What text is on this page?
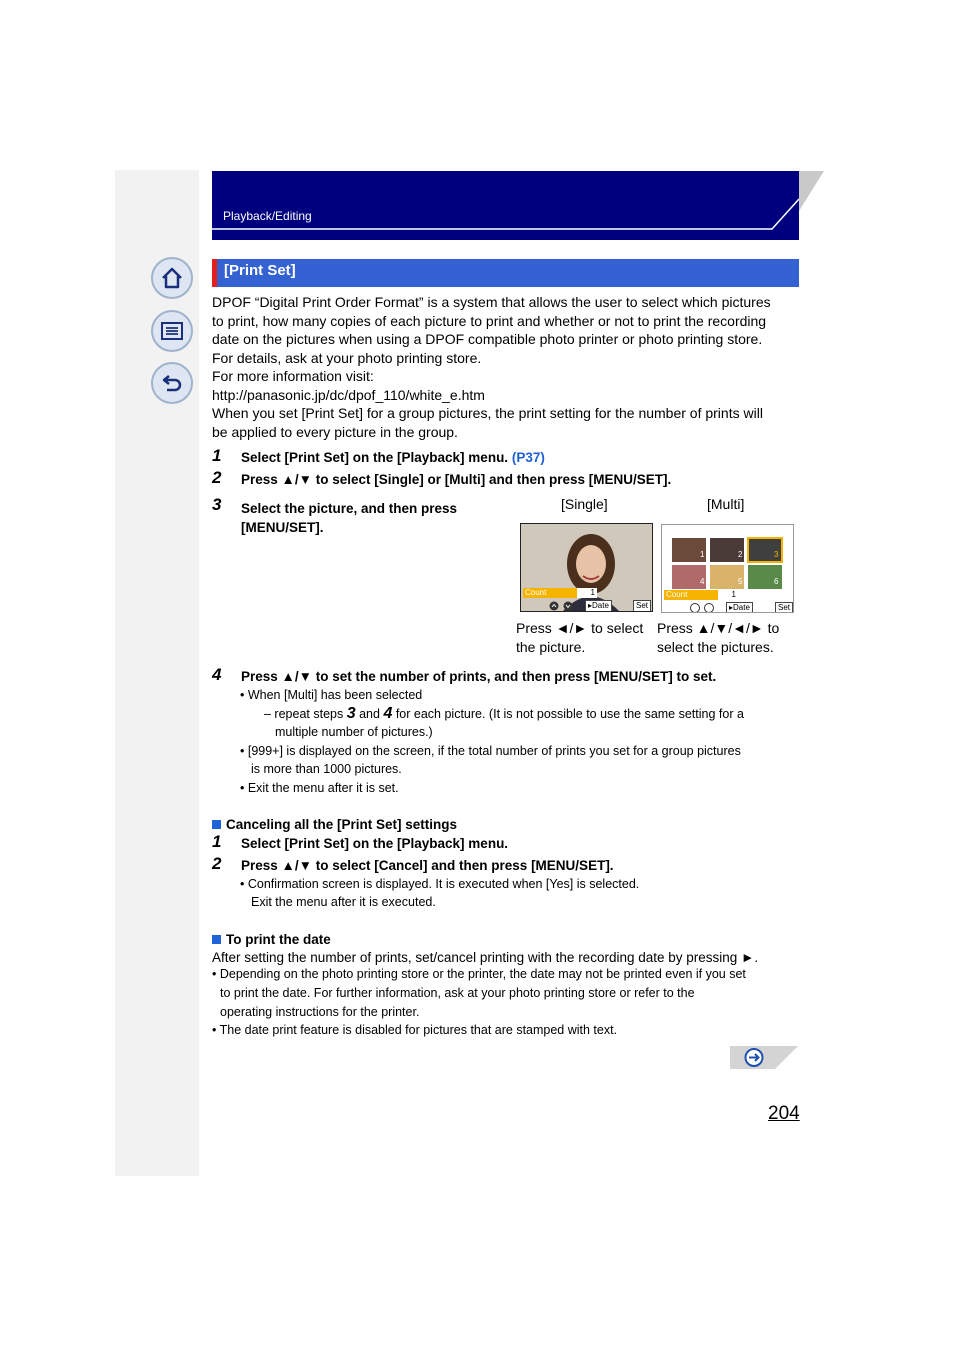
Playback/Editing
[Print Set]
DPOF “Digital Print Order Format” is a system that allows the user to select which pictures
to print, how many copies of each picture to print and whether or not to print the recording
date on the pictures when using a DPOF compatible photo printer or photo printing store.
For details, ask at your photo printing store.
For more information visit:
http://panasonic.jp/dc/dpof_110/white_e.htm
When you set [Print Set] for a group pictures, the print setting for the number of prints will
be applied to every picture in the group.
1 Select [Print Set] on the [Playback] menu. (P37)
2 Press ▲/▼ to select [Single] or [Multi] and then press [MENU/SET].
3 Select the picture, and then press
[MENU/SET].
[Single]	[Multi]
Count	1
▸Date	Set
1	2	3
4	5	6
Count	1
▸Date	Set
Press ◄/► to select
the picture.
Press ▲/▼/◄/► to
select the pictures.
4 Press ▲/▼ to set the number of prints, and then press [MENU/SET] to set.
• When [Multi] has been selected
– repeat steps 3 and 4 for each picture. (It is not possible to use the same setting for a
multiple number of pictures.)
• [999+] is displayed on the screen, if the total number of prints you set for a group pictures
is more than 1000 pictures.
• Exit the menu after it is set.
Canceling all the [Print Set] settings
1 Select [Print Set] on the [Playback] menu.
2 Press ▲/▼ to select [Cancel] and then press [MENU/SET].
• Confirmation screen is displayed. It is executed when [Yes] is selected.
Exit the menu after it is executed.
To print the date
After setting the number of prints, set/cancel printing with the recording date by pressing ►.
• Depending on the photo printing store or the printer, the date may not be printed even if you set
to print the date. For further information, ask at your photo printing store or refer to the
operating instructions for the printer.
• The date print feature is disabled for pictures that are stamped with text.
204
